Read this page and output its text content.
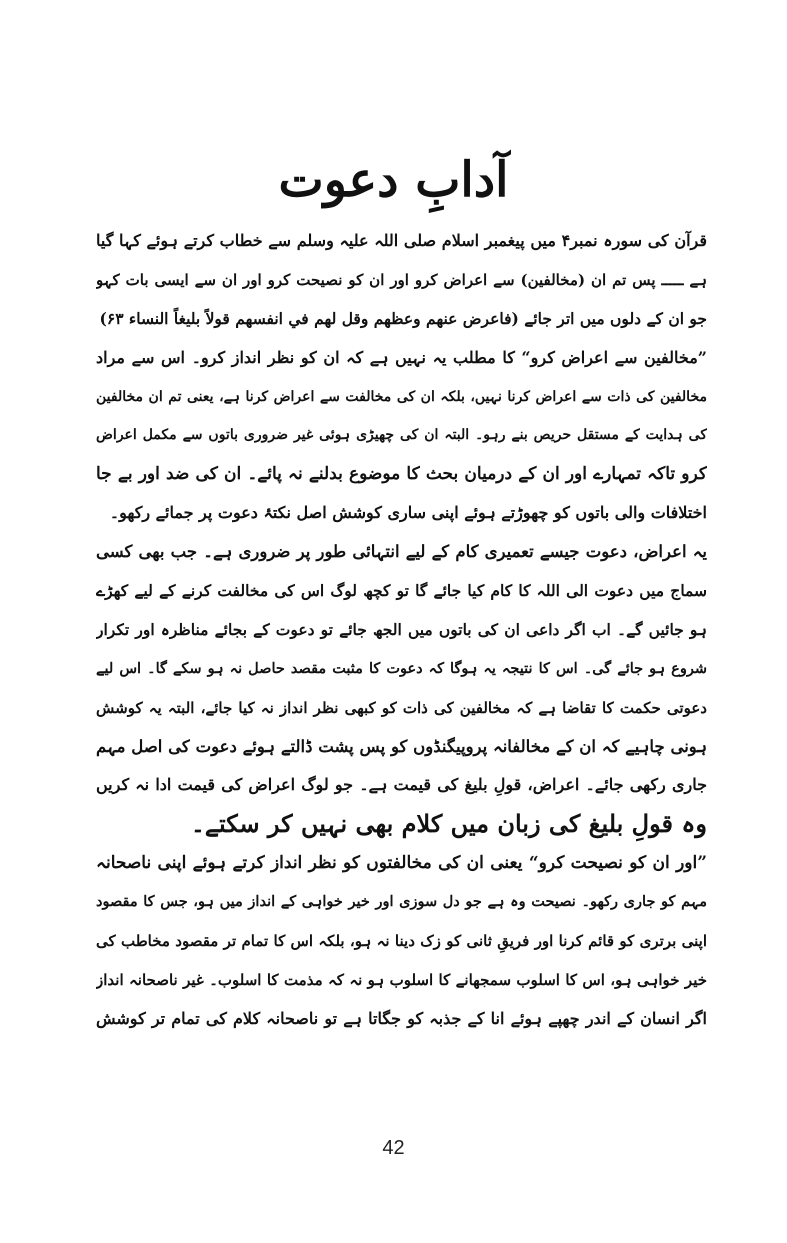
آدابِ دعوت
قرآن کی سورہ نمبر۴ میں پیغمبر اسلام صلی اللہ علیہ وسلم سے خطاب کرتے ہوئے کہا گیا
ہے ـــــ پس تم ان (مخالفین) سے اعراض کرو اور ان کو نصیحت کرو اور ان سے ایسی بات کہو
جو ان کے دلوں میں اتر جائے (فاعرض عنهم وعظهم وقل لهم في انفسهم قولاً بليغاً النساء ۶۳)
”مخالفین سے اعراض کرو“ کا مطلب یہ نہیں ہے کہ ان کو نظر انداز کرو۔ اس سے مراد
مخالفین کی ذات سے اعراض کرنا نہیں، بلکہ ان کی مخالفت سے اعراض کرنا ہے، یعنی تم ان مخالفین
کی ہدایت کے مستقل حریص بنے رہو۔ البتہ ان کی چھیڑی ہوئی غیر ضروری باتوں سے مکمل اعراض
کرو تاکہ تمہارے اور ان کے درمیان بحث کا موضوع بدلنے نہ پائے۔ ان کی ضد اور بے جا
اختلافات والی باتوں کو چھوڑتے ہوئے اپنی ساری کوشش اصل نکتۂ دعوت پر جمائے رکھو۔
یہ اعراض، دعوت جیسے تعمیری کام کے لیے انتہائی طور پر ضروری ہے۔ جب بھی کسی
سماج میں دعوت الی اللہ کا کام کیا جائے گا تو کچھ لوگ اس کی مخالفت کرنے کے لیے کھڑے
ہو جائیں گے۔ اب اگر داعی ان کی باتوں میں الجھ جائے تو دعوت کے بجائے مناظرہ اور تکرار
شروع ہو جائے گی۔ اس کا نتیجہ یہ ہوگا کہ دعوت کا مثبت مقصد حاصل نہ ہو سکے گا۔ اس لیے
دعوتی حکمت کا تقاضا ہے کہ مخالفین کی ذات کو کبھی نظر انداز نہ کیا جائے، البتہ یہ کوشش
ہونی چاہیے کہ ان کے مخالفانہ پروپیگنڈوں کو پس پشت ڈالتے ہوئے دعوت کی اصل مہم
جاری رکھی جائے۔ اعراض، قولِ بلیغ کی قیمت ہے۔ جو لوگ اعراض کی قیمت ادا نہ کریں
وہ قولِ بلیغ کی زبان میں کلام بھی نہیں کر سکتے۔
”اور ان کو نصیحت کرو“ یعنی ان کی مخالفتوں کو نظر انداز کرتے ہوئے اپنی ناصحانہ
مہم کو جاری رکھو۔ نصیحت وہ ہے جو دل سوزی اور خیر خواہی کے انداز میں ہو، جس کا مقصود
اپنی برتری کو قائم کرنا اور فریقِ ثانی کو زک دینا نہ ہو، بلکہ اس کا تمام تر مقصود مخاطب کی
خیر خواہی ہو، اس کا اسلوب سمجھانے کا اسلوب ہو نہ کہ مذمت کا اسلوب۔ غیر ناصحانہ انداز
اگر انسان کے اندر چھپے ہوئے انا کے جذبہ کو جگاتا ہے تو ناصحانہ کلام کی تمام تر کوشش
42
